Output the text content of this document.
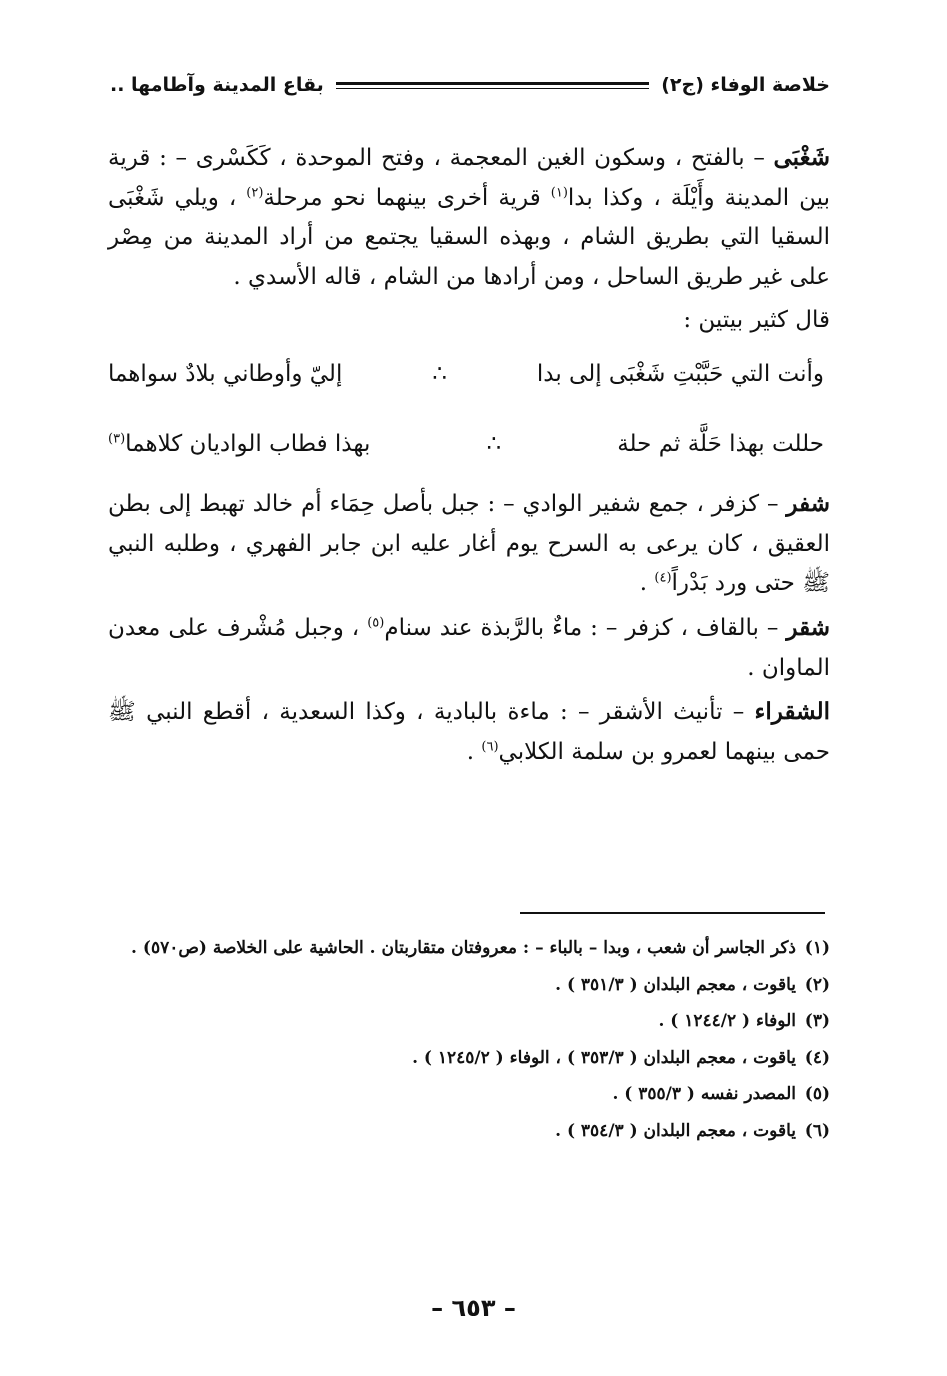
خلاصة الوفاء (ج٢)
بقاع المدينة وآطامها ..

شَغْبَى – بالفتح ، وسكون الغين المعجمة ، وفتح الموحدة ، كَكَسْرى – : قرية بين المدينة وأَيْلَة ، وكذا بدا$^{(١)}$ قرية أخرى بينهما نحو مرحلة$^{(٢)}$ ، ويلي شَغْبَى السقيا التي بطريق الشام ، وبهذه السقيا يجتمع من أراد المدينة من مِصْر على غير طريق الساحل ، ومن أرادها من الشام ، قاله الأسدي .

قال كثير بيتين :

وأنت التي حَبَّبْتِ شَغْبَى إلى بدا
∴
إليّ وأوطاني بلادٌ سواهما
حللت بهذا حَلَّة ثم حلة
∴
بهذا فطاب الواديان كلاهما$^{(٣)}$

شفر – كزفر ، جمع شفير الوادي – : جبل بأصل حِمَاء أم خالد تهبط إلى بطن العقيق ، كان يرعى به السرح يوم أغار عليه ابن جابر الفهري ، وطلبه النبي ﷺ حتى ورد بَدْراً$^{(٤)}$ .

شقر – بالقاف ، كزفر – : ماءٌ بالرَّبذة عند سنام$^{(٥)}$ ، وجبل مُشْرف على معدن الماوان .

الشقراء – تأنيث الأشقر – : ماءة بالبادية ، وكذا السعدية ، أقطع النبي ﷺ حمى بينهما لعمرو بن سلمة الكلابي$^{(٦)}$ .

(١)
ذكر الجاسر أن شعب ، وبدا – بالباء – : معروفتان متقاربتان . الحاشية على الخلاصة (ص٥٧٠) .
(٢)
ياقوت ، معجم البلدان ( ٣٥١/٣ ) .
(٣)
الوفاء ( ١٢٤٤/٢ ) .
(٤)
ياقوت ، معجم البلدان ( ٣٥٣/٣ ) ، الوفاء ( ١٢٤٥/٢ ) .
(٥)
المصدر نفسه ( ٣٥٥/٣ ) .
(٦)
ياقوت ، معجم البلدان ( ٣٥٤/٣ ) .
– ٦٥٣ –
